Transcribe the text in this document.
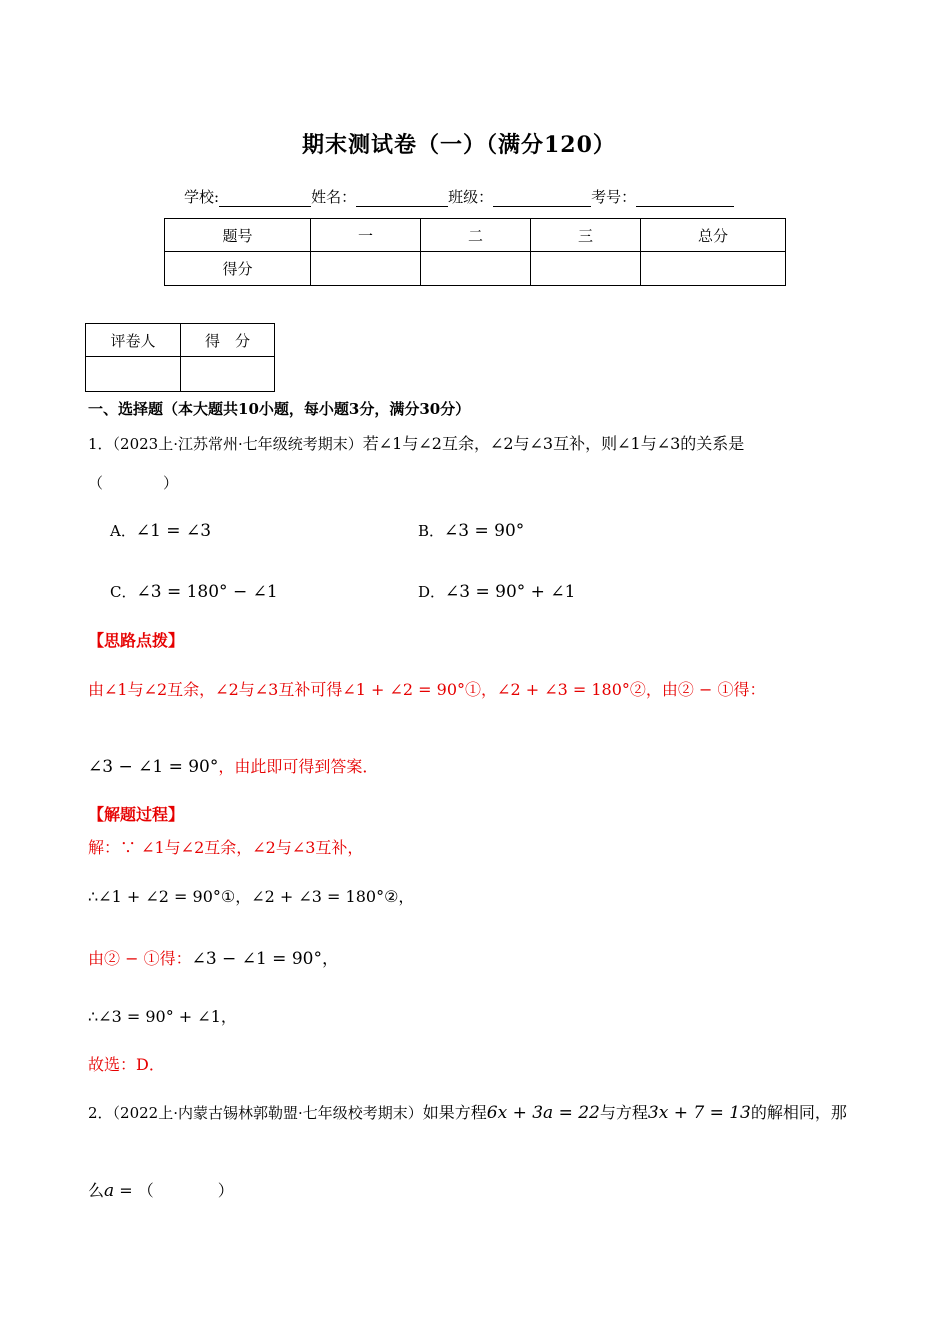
期末测试卷（一）（满分120）
学校:	姓名：	班级：	考号：
题号	一	二	三	总分
得分				
评卷人	得　分

一、选择题（本大题共10小题，每小题3分，满分30分）
1．（2023上·江苏常州·七年级统考期末）若∠1与∠2互余，∠2与∠3互补，则∠1与∠3的关系是
（　　　　）
A．∠1 = ∠3	B．∠3 = 90°
C．∠3 = 180° − ∠1	D．∠3 = 90° + ∠1
【思路点拨】
由∠1与∠2互余，∠2与∠3互补可得∠1 + ∠2 = 90°①，∠2 + ∠3 = 180°②，由② − ①得：
∠3 − ∠1 = 90°，由此即可得到答案．
【解题过程】
解：∵ ∠1与∠2互余，∠2与∠3互补，
∴∠1 + ∠2 = 90°①，∠2 + ∠3 = 180°②，
由② − ①得：∠3 − ∠1 = 90°，
∴∠3 = 90° + ∠1，
故选：D．
2．（2022上·内蒙古锡林郭勒盟·七年级校考期末）如果方程6x + 3a = 22与方程3x + 7 = 13的解相同，那
么a = （　　　　）
